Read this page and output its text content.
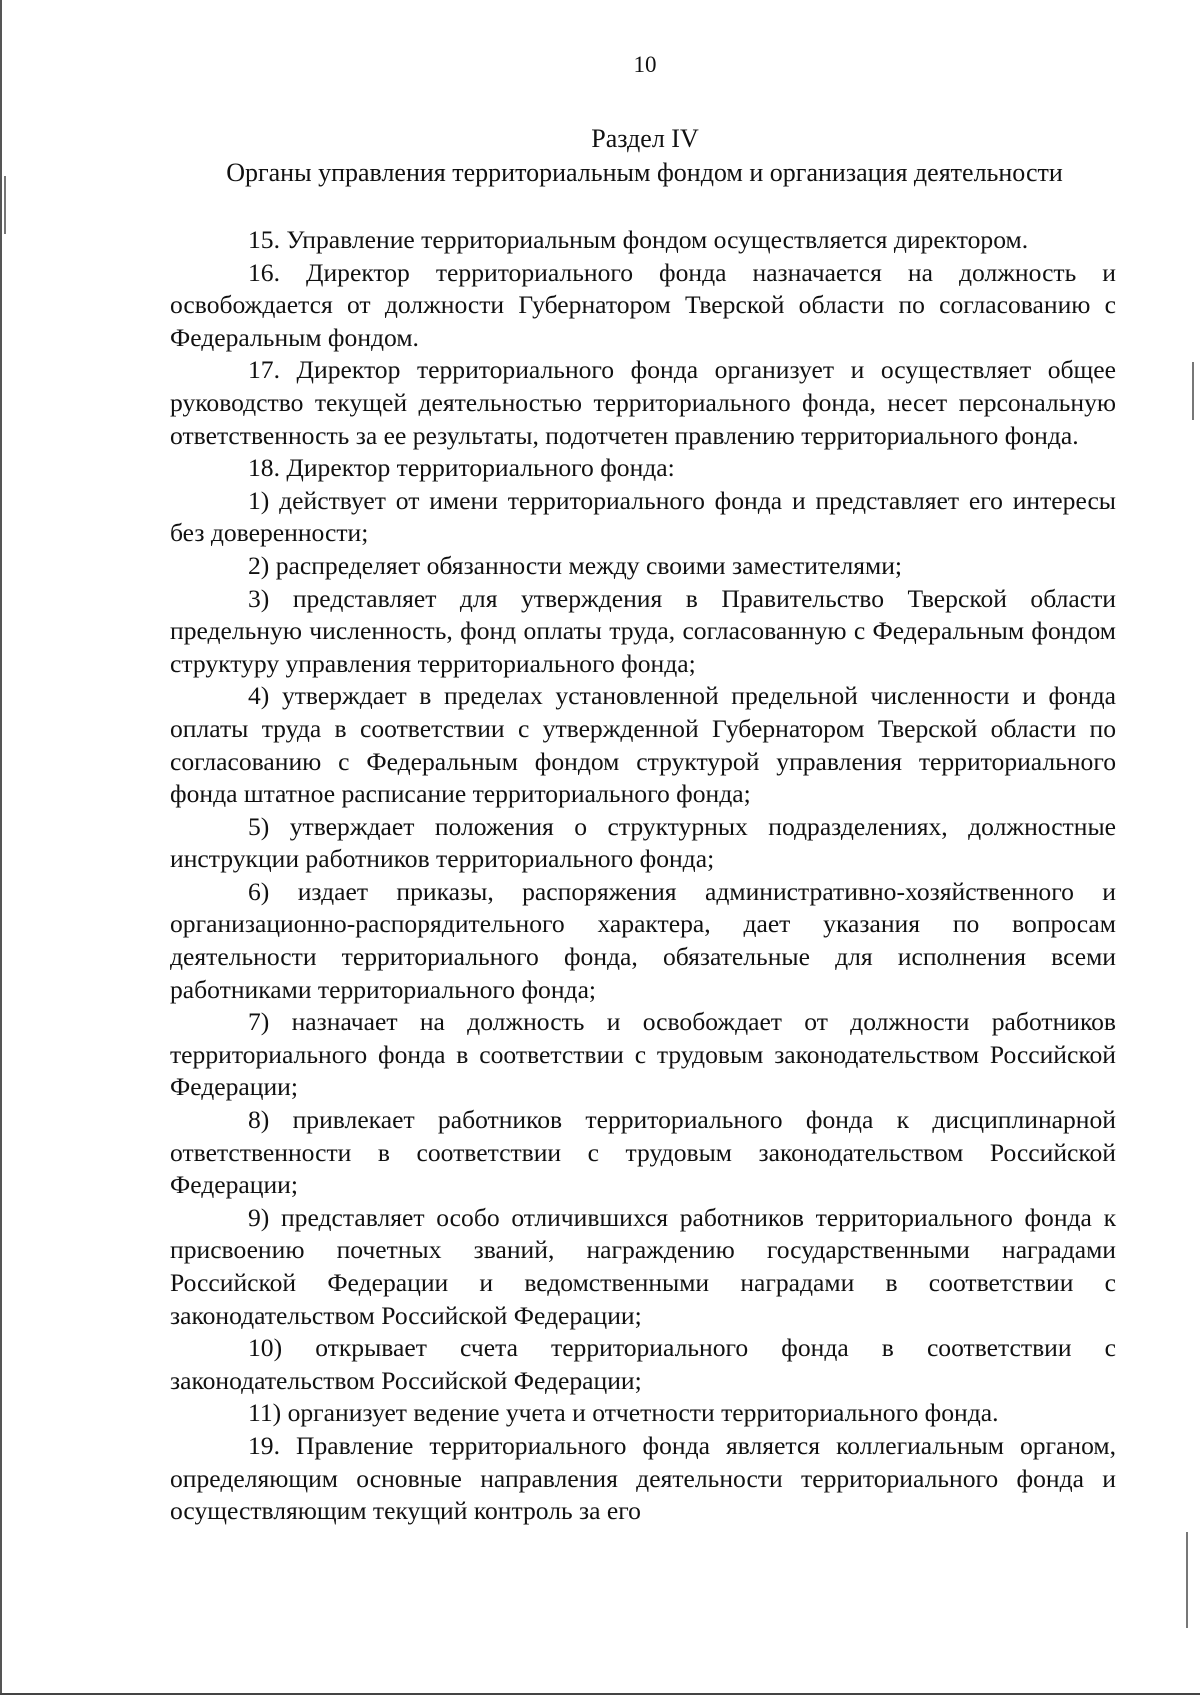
10
Раздел IV
Органы управления территориальным фондом и организация деятельности

15. Управление территориальным фондом осуществляется директором.

16. Директор территориального фонда назначается на должность и освобождается от должности Губернатором Тверской области по согласованию с Федеральным фондом.

17. Директор территориального фонда организует и осуществляет общее руководство текущей деятельностью территориального фонда, несет персональную ответственность за ее результаты, подотчетен правлению территориального фонда.

18. Директор территориального фонда:

1) действует от имени территориального фонда и представляет его интересы без доверенности;

2) распределяет обязанности между своими заместителями;

3) представляет для утверждения в Правительство Тверской области предельную численность, фонд оплаты труда, согласованную с Федеральным фондом структуру управления территориального фонда;

4) утверждает в пределах установленной предельной численности и фонда оплаты труда в соответствии с утвержденной Губернатором Тверской области по согласованию с Федеральным фондом структурой управления территориального фонда штатное расписание территориального фонда;

5) утверждает положения о структурных подразделениях, должностные инструкции работников территориального фонда;

6) издает приказы, распоряжения административно-хозяйственного и организационно-распорядительного характера, дает указания по вопросам деятельности территориального фонда, обязательные для исполнения всеми работниками территориального фонда;

7) назначает на должность и освобождает от должности работников территориального фонда в соответствии с трудовым законодательством Российской Федерации;

8) привлекает работников территориального фонда к дисциплинарной ответственности в соответствии с трудовым законодательством Российской Федерации;

9) представляет особо отличившихся работников территориального фонда к присвоению почетных званий, награждению государственными наградами Российской Федерации и ведомственными наградами в соответствии с законодательством Российской Федерации;

10) открывает счета территориального фонда в соответствии с законодательством Российской Федерации;

11) организует ведение учета и отчетности территориального фонда.

19. Правление территориального фонда является коллегиальным органом, определяющим основные направления деятельности территориального фонда и осуществляющим текущий контроль за его
